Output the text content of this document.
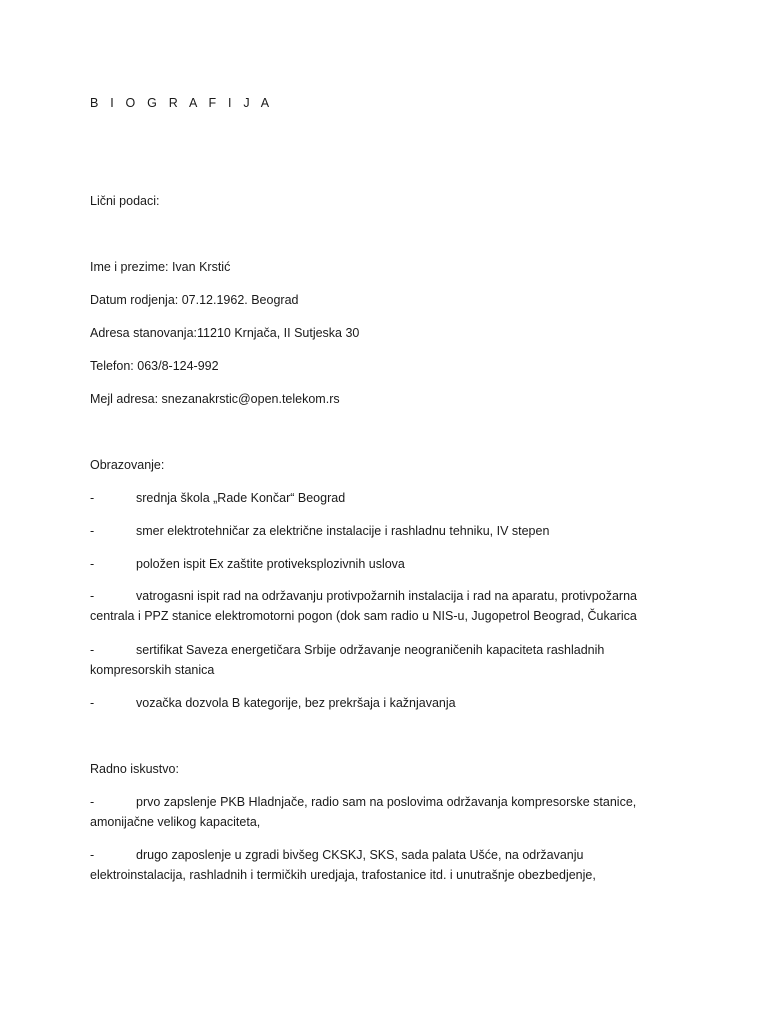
B I O G R A F I J A
Lični podaci:
Ime i prezime: Ivan Krstić
Datum rodjenja: 07.12.1962. Beograd
Adresa stanovanja:11210 Krnjača, II Sutjeska 30
Telefon: 063/8-124-992
Mejl adresa: snezanakrstic@open.telekom.rs
Obrazovanje:
-	srednja škola „Rade Končar“ Beograd
-	smer elektrotehničar za električne instalacije i rashladnu tehniku, IV stepen
-	položen ispit Ex zaštite protiveksplozivnih uslova
-	vatrogasni ispit rad na održavanju protivpožarnih instalacija i rad na aparatu, protivpožarna centrala i PPZ stanice elektromotorni pogon (dok sam radio u NIS-u, Jugopetrol Beograd, Čukarica
-	sertifikat Saveza energetičara Srbije održavanje neograničenih kapaciteta rashladnih kompresorskih stanica
-	vozačka dozvola B kategorije, bez prekršaja i kažnjavanja
Radno iskustvo:
-	prvo zapslenje PKB Hladnjače, radio sam na poslovima održavanja kompresorske stanice, amonijačne velikog kapaciteta,
-	drugo zaposlenje u zgradi bivšeg CKSKJ, SKS, sada palata Ušće, na održavanju elektroinstalacija, rashladnih i termičkih uredjaja, trafostanice itd. i unutrašnje obezbedjenje,
